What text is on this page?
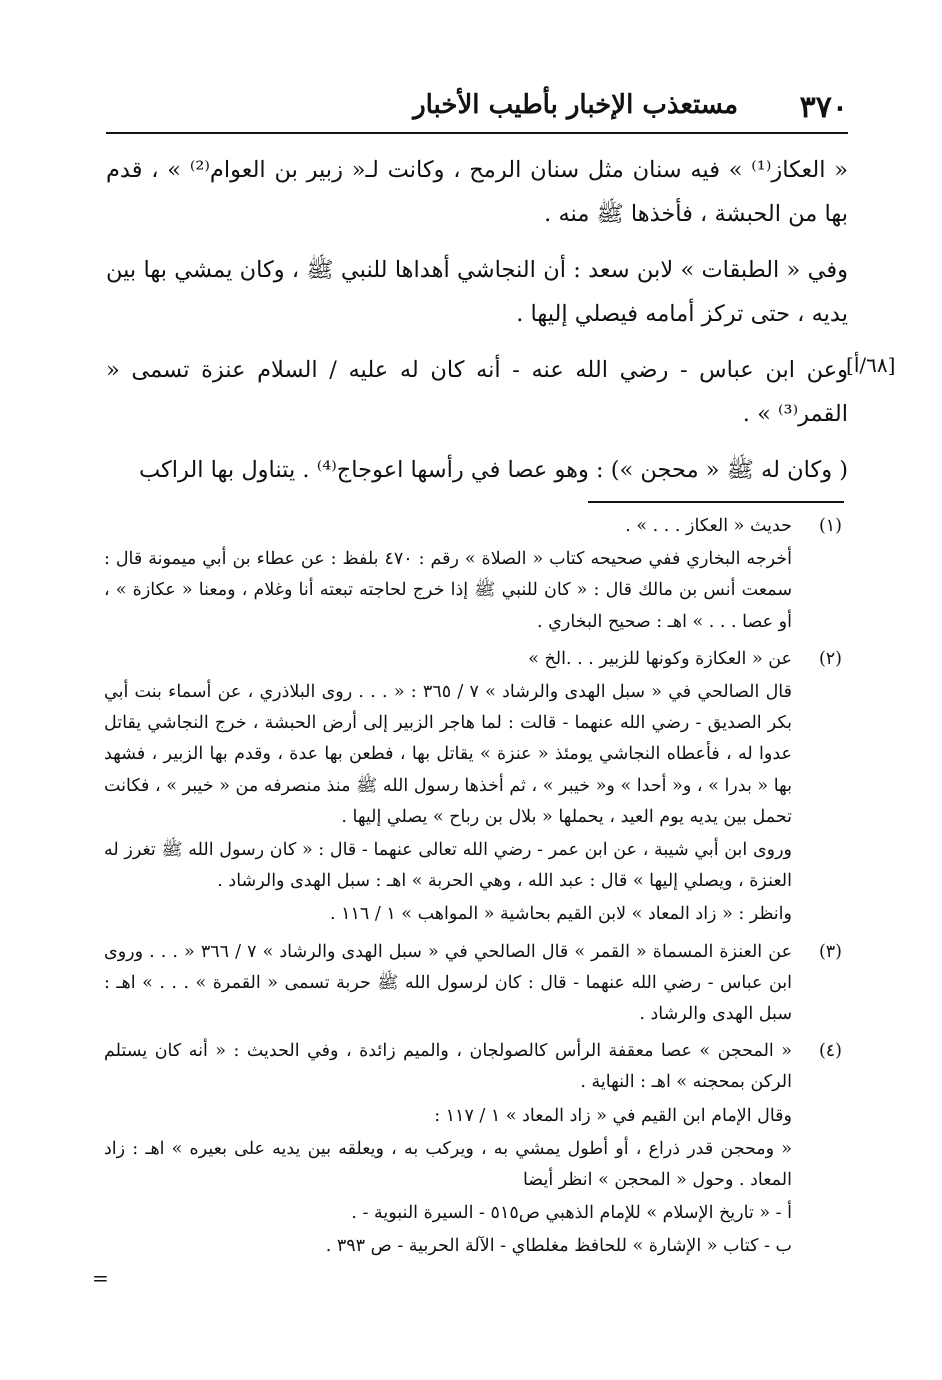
٣٧٠
مستعذب الإخبار بأطيب الأخبار

« العكاز⁽¹⁾ » فيه سنان مثل سنان الرمح ، وكانت لـ« زبير بن العوام⁽²⁾ » ، قدم بها من الحبشة ، فأخذها ﷺ منه .

وفي « الطبقات » لابن سعد : أن النجاشي أهداها للنبي ﷺ ، وكان يمشي بها بين يديه ، حتى تركز أمامه فيصلي إليها .

وعن ابن عباس - رضي الله عنه - أنه كان له عليه / السلام عنزة تسمى « القمر⁽³⁾ » .

( وكان له ﷺ « محجن ») : وهو عصا في رأسها اعوجاج⁽⁴⁾ . يتناول بها الراكب

[٦٨/أ]
(١)
حديث « العكاز . . . » .
أخرجه البخاري ففي صحيحه كتاب « الصلاة » رقم : ٤٧٠ بلفظ : عن عطاء بن أبي ميمونة قال : سمعت أنس بن مالك قال : « كان للنبي ﷺ إذا خرج لحاجته تبعته أنا وغلام ، ومعنا « عكازة » ، أو عصا . . . » اهـ : صحيح البخاري .
(٢)
عن « العكازة وكونها للزبير . . .الخ »
قال الصالحي في « سبل الهدى والرشاد » ٧ / ٣٦٥ : « . . . روى البلاذري ، عن أسماء بنت أبي بكر الصديق - رضي الله عنهما - قالت : لما هاجر الزبير إلى أرض الحبشة ، خرج النجاشي يقاتل عدوا له ، فأعطاه النجاشي يومئذ « عنزة » يقاتل بها ، فطعن بها عدة ، وقدم بها الزبير ، فشهد بها « بدرا » ، و« أحدا » و« خيبر » ، ثم أخذها رسول الله ﷺ منذ منصرفه من « خيبر » ، فكانت تحمل بين يديه يوم العيد ، يحملها « بلال بن رباح » يصلي إليها .
وروى ابن أبي شيبة ، عن ابن عمر - رضي الله تعالى عنهما - قال : « كان رسول الله ﷺ تغرز له العنزة ، ويصلي إليها » قال : عبد الله ، وهي الحربة » اهـ : سبل الهدى والرشاد .
وانظر : « زاد المعاد » لابن القيم بحاشية « المواهب » ١ / ١١٦ .
(٣)
عن العنزة المسماة « القمر » قال الصالحي في « سبل الهدى والرشاد » ٧ / ٣٦٦ « . . . وروى ابن عباس - رضي الله عنهما - قال : كان لرسول الله ﷺ حربة تسمى « القمرة » . . . » اهـ : سبل الهدى والرشاد .
(٤)
« المحجن » عصا معقفة الرأس كالصولجان ، والميم زائدة ، وفي الحديث : « أنه كان يستلم الركن بمحجنه » اهـ : النهاية .
وقال الإمام ابن القيم في « زاد المعاد » ١ / ١١٧ :
« ومحجن قدر ذراع ، أو أطول يمشي به ، ويركب به ، ويعلقه بين يديه على بعيره » اهـ : زاد المعاد . وحول « المحجن » انظر أيضا
أ - « تاريخ الإسلام » للإمام الذهبي ص٥١٥ - السيرة النبوية - .
ب - كتاب « الإشارة » للحافظ مغلطاي - الآلة الحربية - ص ٣٩٣ .
=
